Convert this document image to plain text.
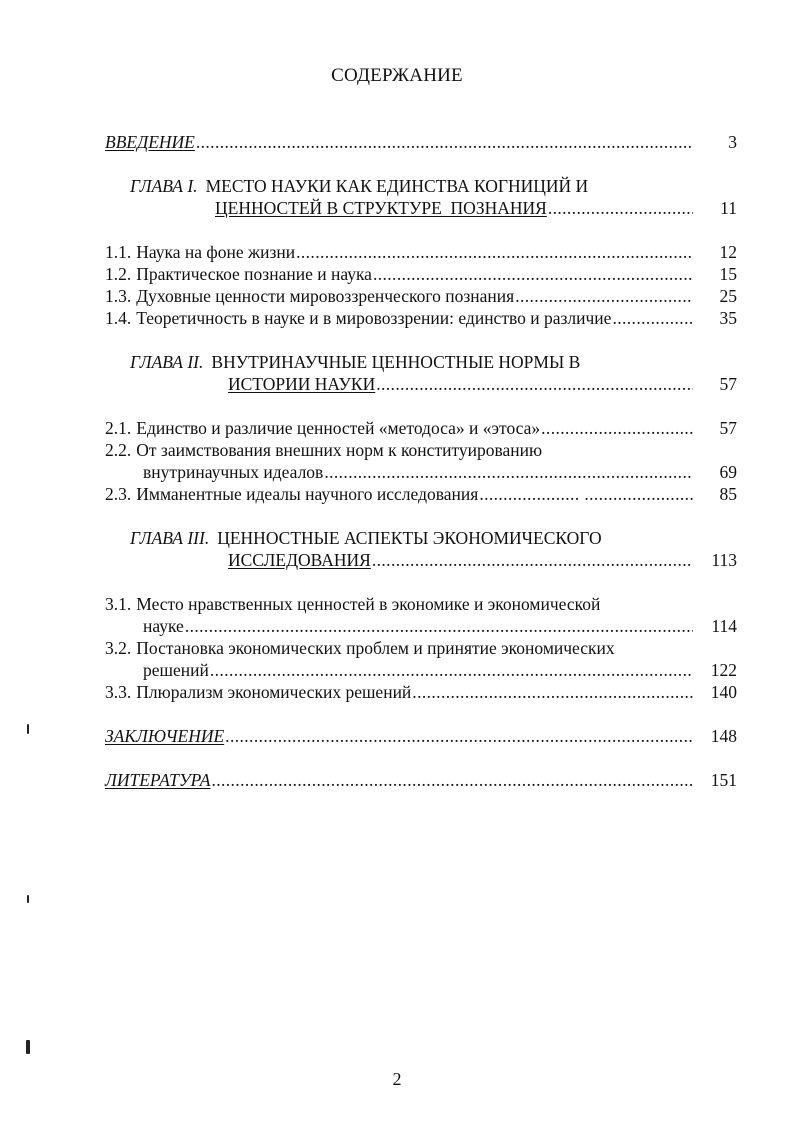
СОДЕРЖАНИЕ
ВВЕДЕНИЕ .....	3
ГЛАВА I. МЕСТО НАУКИ КАК ЕДИНСТВА КОГНИЦИЙ И
ЦЕННОСТЕЙ В СТРУКТУРЕ  ПОЗНАНИЯ .....	11
1.1. Наука на фоне жизни .....	12
1.2. Практическое познание и наука .....	15
1.3. Духовные ценности мировоззренческого познания .....	25
1.4. Теоретичность в науке и в мировоззрении: единство и различие .....	35
ГЛАВА II. ВНУТРИНАУЧНЫЕ ЦЕННОСТНЫЕ НОРМЫ В
ИСТОРИИ НАУКИ .....	57
2.1. Единство и различие ценностей «методоса» и «этоса» .....	57
2.2. От заимствования внешних норм к конституированию
внутринаучных идеалов .....	69
2.3. Имманентные идеалы научного исследования .....	85
ГЛАВА III. ЦЕННОСТНЫЕ АСПЕКТЫ ЭКОНОМИЧЕСКОГО
ИССЛЕДОВАНИЯ .....	113
3.1. Место нравственных ценностей в экономике и экономической
науке .....	114
3.2. Постановка экономических проблем и принятие экономических
решений .....	122
3.3. Плюрализм экономических решений .....	140
ЗАКЛЮЧЕНИЕ .....	148
ЛИТЕРАТУРА .....	151
2
